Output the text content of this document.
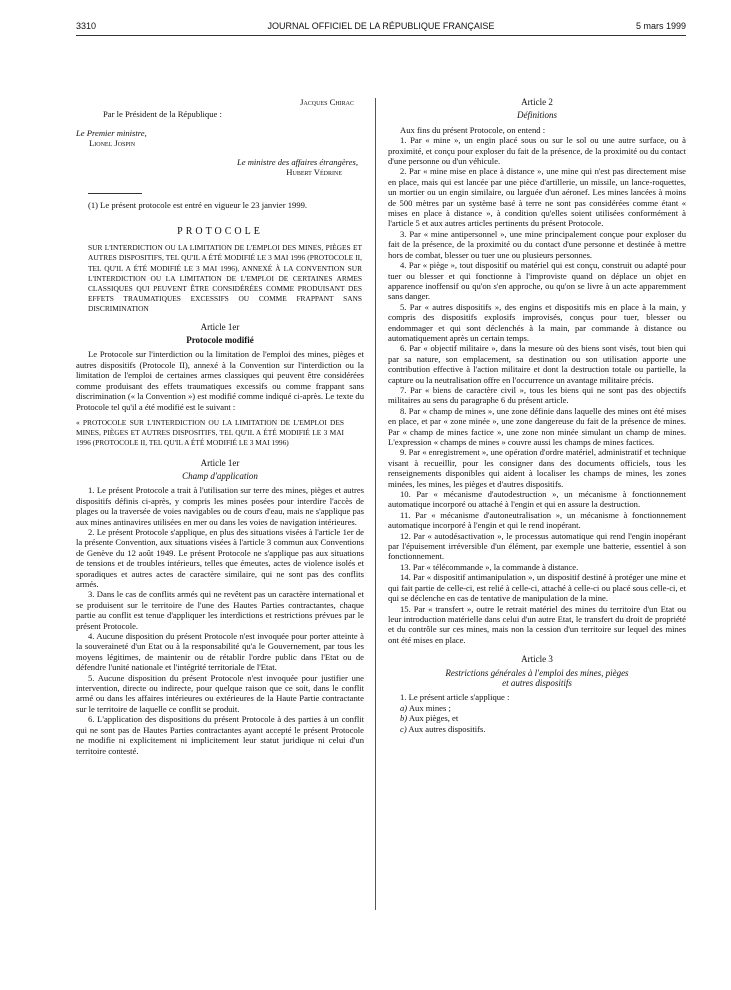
3310	JOURNAL OFFICIEL DE LA RÉPUBLIQUE FRANÇAISE	5 mars 1999

Jacques Chirac

Par le Président de la République :

Le Premier ministre,

Lionel Jospin

Le ministre des affaires étrangères,

Hubert Védrine

(1) Le présent protocole est entré en vigueur le 23 janvier 1999.

PROTOCOLE

SUR L'INTERDICTION OU LA LIMITATION DE L'EMPLOI DES MINES, PIÈGES ET AUTRES DISPOSITIFS, TEL QU'IL A ÉTÉ MODIFIÉ LE 3 MAI 1996 (PROTOCOLE II, TEL QU'IL A ÉTÉ MODIFIÉ LE 3 MAI 1996), ANNEXÉ À LA CONVENTION SUR L'INTERDICTION OU LA LIMITATION DE L'EMPLOI DE CERTAINES ARMES CLASSIQUES QUI PEUVENT ÊTRE CONSIDÉRÉES COMME PRODUISANT DES EFFETS TRAUMATIQUES EXCESSIFS OU COMME FRAPPANT SANS DISCRIMINATION

Article 1er

Protocole modifié

Le Protocole sur l'interdiction ou la limitation de l'emploi des mines, pièges et autres dispositifs (Protocole II), annexé à la Convention sur l'interdiction ou la limitation de l'emploi de certaines armes classiques qui peuvent être considérées comme produisant des effets traumatiques excessifs ou comme frappant sans discrimination (« la Convention ») est modifié comme indiqué ci-après. Le texte du Protocole tel qu'il a été modifié est le suivant :

« PROTOCOLE SUR L'INTERDICTION OU LA LIMITATION DE L'EMPLOI DES MINES, PIÈGES ET AUTRES DISPOSITIFS, TEL QU'IL A ÉTÉ MODIFIÉ LE 3 MAI 1996 (PROTOCOLE II, TEL QU'IL A ÉTÉ MODIFIÉ LE 3 MAI 1996)

Article 1er

Champ d'application

1. Le présent Protocole a trait à l'utilisation sur terre des mines, pièges et autres dispositifs définis ci-après, y compris les mines posées pour interdire l'accès de plages ou la traversée de voies navigables ou de cours d'eau, mais ne s'applique pas aux mines antinavires utilisées en mer ou dans les voies de navigation intérieures.

2. Le présent Protocole s'applique, en plus des situations visées à l'article 1er de la présente Convention, aux situations visées à l'article 3 commun aux Conventions de Genève du 12 août 1949. Le présent Protocole ne s'applique pas aux situations de tensions et de troubles intérieurs, telles que émeutes, actes de violence isolés et sporadiques et autres actes de caractère similaire, qui ne sont pas des conflits armés.

3. Dans le cas de conflits armés qui ne revêtent pas un caractère international et se produisent sur le territoire de l'une des Hautes Parties contractantes, chaque partie au conflit est tenue d'appliquer les interdictions et restrictions prévues par le présent Protocole.

4. Aucune disposition du présent Protocole n'est invoquée pour porter atteinte à la souveraineté d'un Etat ou à la responsabilité qu'a le Gouvernement, par tous les moyens légitimes, de maintenir ou de rétablir l'ordre public dans l'Etat ou de défendre l'unité nationale et l'intégrité territoriale de l'Etat.

5. Aucune disposition du présent Protocole n'est invoquée pour justifier une intervention, directe ou indirecte, pour quelque raison que ce soit, dans le conflit armé ou dans les affaires intérieures ou extérieures de la Haute Partie contractante sur le territoire de laquelle ce conflit se produit.

6. L'application des dispositions du présent Protocole à des parties à un conflit qui ne sont pas de Hautes Parties contractantes ayant accepté le présent Protocole ne modifie ni explicitement ni implicitement leur statut juridique ni celui d'un territoire contesté.

Article 2

Définitions

Aux fins du présent Protocole, on entend :

1. Par « mine », un engin placé sous ou sur le sol ou une autre surface, ou à proximité, et conçu pour exploser du fait de la présence, de la proximité ou du contact d'une personne ou d'un véhicule.

2. Par « mine mise en place à distance », une mine qui n'est pas directement mise en place, mais qui est lancée par une pièce d'artillerie, un missile, un lance-roquettes, un mortier ou un engin similaire, ou larguée d'un aéronef. Les mines lancées à moins de 500 mètres par un système basé à terre ne sont pas considérées comme étant « mises en place à distance », à condition qu'elles soient utilisées conformément à l'article 5 et aux autres articles pertinents du présent Protocole.

3. Par « mine antipersonnel », une mine principalement conçue pour exploser du fait de la présence, de la proximité ou du contact d'une personne et destinée à mettre hors de combat, blesser ou tuer une ou plusieurs personnes.

4. Par « piège », tout dispositif ou matériel qui est conçu, construit ou adapté pour tuer ou blesser et qui fonctionne à l'improviste quand on déplace un objet en apparence inoffensif ou qu'on s'en approche, ou qu'on se livre à un acte apparemment sans danger.

5. Par « autres dispositifs », des engins et dispositifs mis en place à la main, y compris des dispositifs explosifs improvisés, conçus pour tuer, blesser ou endommager et qui sont déclenchés à la main, par commande à distance ou automatiquement après un certain temps.

6. Par « objectif militaire », dans la mesure où des biens sont visés, tout bien qui par sa nature, son emplacement, sa destination ou son utilisation apporte une contribution effective à l'action militaire et dont la destruction totale ou partielle, la capture ou la neutralisation offre en l'occurrence un avantage militaire précis.

7. Par « biens de caractère civil », tous les biens qui ne sont pas des objectifs militaires au sens du paragraphe 6 du présent article.

8. Par « champ de mines », une zone définie dans laquelle des mines ont été mises en place, et par « zone minée », une zone dangereuse du fait de la présence de mines. Par « champ de mines factice », une zone non minée simulant un champ de mines. L'expression « champs de mines » couvre aussi les champs de mines factices.

9. Par « enregistrement », une opération d'ordre matériel, administratif et technique visant à recueillir, pour les consigner dans des documents officiels, tous les renseignements disponibles qui aident à localiser les champs de mines, les zones minées, les mines, les pièges et d'autres dispositifs.

10. Par « mécanisme d'autodestruction », un mécanisme à fonctionnement automatique incorporé ou attaché à l'engin et qui en assure la destruction.

11. Par « mécanisme d'autoneutralisation », un mécanisme à fonctionnement automatique incorporé à l'engin et qui le rend inopérant.

12. Par « autodésactivation », le processus automatique qui rend l'engin inopérant par l'épuisement irréversible d'un élément, par exemple une batterie, essentiel à son fonctionnement.

13. Par « télécommande », la commande à distance.

14. Par « dispositif antimanipulation », un dispositif destiné à protéger une mine et qui fait partie de celle-ci, est relié à celle-ci, attaché à celle-ci ou placé sous celle-ci, et qui se déclenche en cas de tentative de manipulation de la mine.

15. Par « transfert », outre le retrait matériel des mines du territoire d'un Etat ou leur introduction matérielle dans celui d'un autre Etat, le transfert du droit de propriété et du contrôle sur ces mines, mais non la cession d'un territoire sur lequel des mines ont été mises en place.

Article 3

Restrictions générales à l'emploi des mines, pièges

et autres dispositifs

1. Le présent article s'applique :

a) Aux mines ;

b) Aux pièges, et

c) Aux autres dispositifs.
